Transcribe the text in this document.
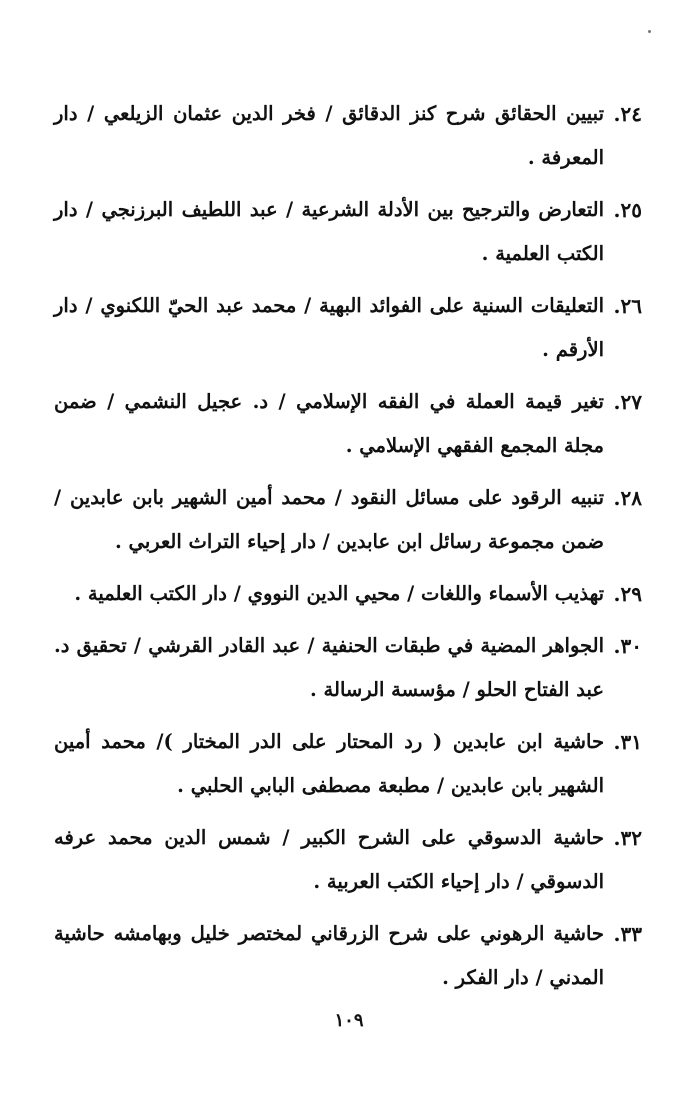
٢٤.
تبيين الحقائق شرح كنز الدقائق / فخر الدين عثمان الزيلعي / دار المعرفة .
٢٥.
التعارض والترجيح بين الأدلة الشرعية / عبد اللطيف البرزنجي / دار الكتب العلمية .
٢٦.
التعليقات السنية على الفوائد البهية / محمد عبد الحيّ اللكنوي / دار الأرقم .
٢٧.
تغير قيمة العملة في الفقه الإسلامي / د. عجيل النشمي / ضمن مجلة المجمع الفقهي الإسلامي .
٢٨.
تنبيه الرقود على مسائل النقود / محمد أمين الشهير بابن عابدين / ضمن مجموعة رسائل ابن عابدين / دار إحياء التراث العربي .
٢٩.
تهذيب الأسماء واللغات / محيي الدين النووي / دار الكتب العلمية .
٣٠.
الجواهر المضية في طبقات الحنفية / عبد القادر القرشي / تحقيق د. عبد الفتاح الحلو / مؤسسة الرسالة .
٣١.
حاشية ابن عابدين ( رد المحتار على الدر المختار )/ محمد أمين الشهير بابن عابدين / مطبعة مصطفى البابي الحلبي .
٣٢.
حاشية الدسوقي على الشرح الكبير / شمس الدين محمد عرفه الدسوقي / دار إحياء الكتب العربية .
٣٣.
حاشية الرهوني على شرح الزرقاني لمختصر خليل وبهامشه حاشية المدني / دار الفكر .
١٠٩
